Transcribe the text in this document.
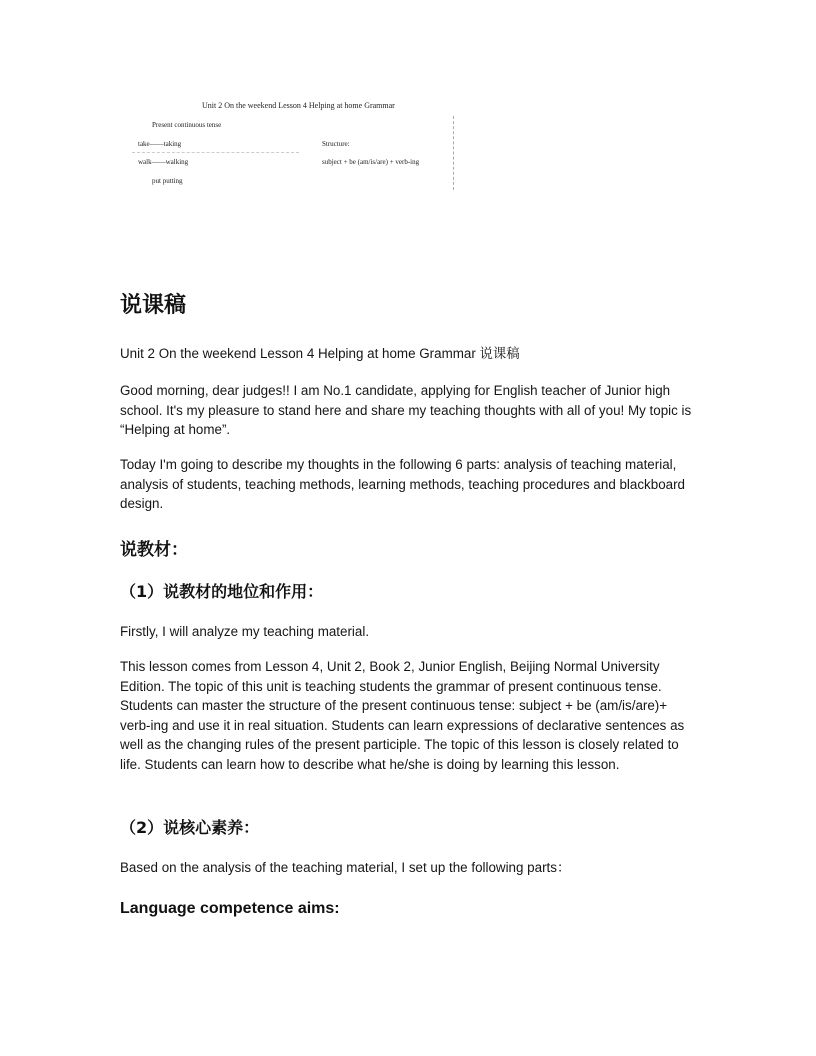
Unit 2 On the weekend Lesson 4 Helping at home Grammar
Present continuous tense
take——taking
walk——walking
put putting
Structure:
subject + be (am/is/are) + verb-ing
说课稿
Unit 2 On the weekend Lesson 4 Helping at home Grammar 说课稿
Good morning, dear judges!! I am No.1 candidate, applying for English teacher of Junior high school. It's my pleasure to stand here and share my teaching thoughts with all of you! My topic is “Helping at home”.
Today I'm going to describe my thoughts in the following 6 parts: analysis of teaching material, analysis of students, teaching methods, learning methods, teaching procedures and blackboard design.
说教材：
（1）说教材的地位和作用：
Firstly, I will analyze my teaching material.
This lesson comes from Lesson 4, Unit 2, Book 2, Junior English, Beijing Normal University Edition. The topic of this unit is teaching students the grammar of present continuous tense. Students can master the structure of the present continuous tense: subject + be (am/is/are)+ verb-ing and use it in real situation. Students can learn expressions of declarative sentences as well as the changing rules of the present participle. The topic of this lesson is closely related to life. Students can learn how to describe what he/she is doing by learning this lesson.
（2）说核心素养：
Based on the analysis of the teaching material, I set up the following parts：
Language competence aims:
